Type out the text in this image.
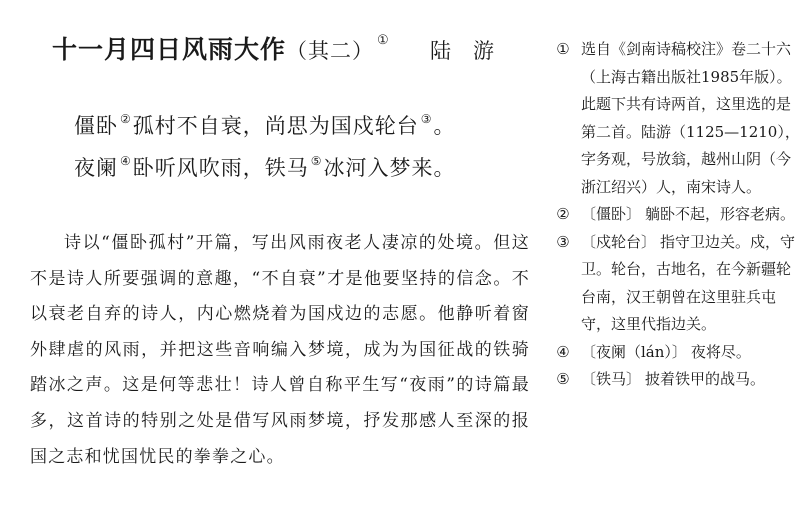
十一月四日风雨大作（其二） ① 陆游
僵卧 ②孤村不自衰，尚思为国戍轮台 ③。
夜阑 ④卧听风吹雨，铁马 ⑤冰河入梦来。

诗以“僵卧孤村”开篇，写出风雨夜老人凄凉的处境。但这不是诗人所要强调的意趣，“不自衰”才是他要坚持的信念。不以衰老自弃的诗人，内心燃烧着为国戍边的志愿。他静听着窗外肆虐的风雨，并把这些音响编入梦境，成为为国征战的铁骑踏冰之声。这是何等悲壮！诗人曾自称平生写“夜雨”的诗篇最多，这首诗的特别之处是借写风雨梦境，抒发那感人至深的报国之志和忧国忧民的拳拳之心。

① 选自《剑南诗稿校注》卷二十六（上海古籍出版社1985年版）。此题下共有诗两首，这里选的是第二首。陆游（1125—1210），字务观，号放翁，越州山阴（今浙江绍兴）人，南宋诗人。
② 〔僵卧〕 躺卧不起，形容老病。
③ 〔戍轮台〕 指守卫边关。戍，守卫。轮台，古地名，在今新疆轮台南，汉王朝曾在这里驻兵屯守，这里代指边关。
④ 〔夜阑（lán）〕 夜将尽。
⑤ 〔铁马〕 披着铁甲的战马。
